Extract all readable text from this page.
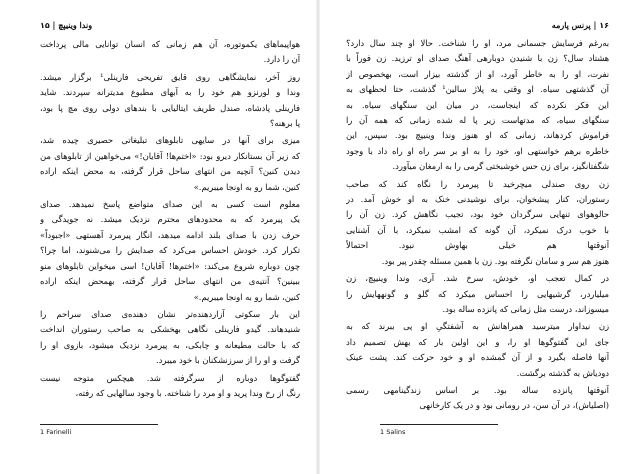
۱۶ | پرنس پارمه
بەرغم فرسایش جسمانی مرد، او را شناخت. حالا او چند سال دارد؟
هشتاد سال؟ زن با شنیدن دوبارهی آهنگ صدای او ترزید. زن فوراً با
نفرت، او را به خاطر آورد، او از گذشته بیزار است، بهخصوص از
آن گذشتهی سیاه. او وقتی به پلاژ سالین¹ گذشت، حتا لحظهای به
این فکر نکرده که اینجاست، در میان این سنگهای سیاه. به
سنگهای سیاه، که مدتهاست زیر پا له شده زمانی که همه آن را
فراموش کردهاند، زمانی که او هنوز وندا وینیپچ بود. سپس، این
خاطره برهم خواستهی او، خود را به او بر سر راه او راه داد با وجود
شگفتانگیز، برای زن حس خوشبختی گرمی را به ارمغان میآورد.
زن روی صندلی میچرخید تا پیرمرد را نگاه کند که صاحب
رستوران، کنار پیشخوان، برای نوشیدنی خنک به او خوش آمد. در
حالوهوای تنهایی سرگردان خود بود، تجیب نگاهش کرد. زن آن را
با خوب درک نمیکرد، آن گونه که امشب نمیکرد، با آن آشنایی
آنوقتها هم خیلی بهاوش نبود. احتمالاً
هنوز هم سر و سامان نگرفته بود. زن با همین مسئله چقدر پیر بود.
در کمال تعجب او، خودش، سرخ شد. آری، وندا وینیپچ، زن
میلیاردر، گرشیهایی را احساس میکرد که گلو و گونههایش را
میسوزاند، درست مثل زمانی که پانزده ساله بود.
زن نیداوار میترسید همراهانش به آشفتگیِ او پی ببرند که به
جای این گفتوگوها او را، و این اولین بار که بهش تصمیم داد
آنها فاصله بگیرد و از آن گمشده او و خود حرکت کند. پشت عینک
دودیاش به گذشته برگشت.
آنوقتها پانزده ساله بود. بر اساس زندگینامهی رسمی
(اصلیاش)، در آن سن، در رومانی بود و در یک کارخانهی
1 Salins
وندا وینیپچ | ۱۵
هواپیماهای یکموتوره، آن هم زمانی که انسان توانایی مالی پرداخت
آن را دارد.
روز آخر، نمایشگاهی روی قایق تفریحی فارینلی¹ برگزار میشد.
وندا و لورنزو هم خود را به آبهای مطبوع مدیترانه سپردند. شاید
فارینلی پادشاه، صندل طریف ایتالیایی با بندهای دولی روی مچ پا بود،
پا برهنه؟
میزی برای آنها در سایهی تابلوهای تبلیغاتی حصیری چیده شد،
که زیر آن بستانکار دیرو بود: «اختم‌ها! آقایان!» می‌خواهین از تابلوهای من
دیدن کنین؟ آنچیه من انتهای ساحل قرار گرفته، به محض اینکه اراده
کنین، شما رو به اونجا میبریم.»
معلوم است کسی به این صدای متواضع پاسخ نمیدهد. صدای
یک پیرمرد که به محدودهای محترم نزدیک میشد. نه جویدگی و
حرف زدن با صدای بلند ادامه میدهد، انگار پیرمرد آهستهی «اجبوداً»
تکرار کرد. خودش احساس می‌کرد که صدایش را می‌شنوند، اما چرا؟
چون دوباره شروع می‌کند: «اختم‌ها! آقایان! اسی میخواین تابلوهای منو
ببینین؟ آنتیه‌ی من انتهای ساحل قرار گرفته، بهمحض اینکه اراده
کنین، شما رو به اونجا میبریم.»
این بار سکوتی آزاردهنده‌تر نشان دهنده‌ی صدای سراحم را
شنیدهاند. گیدو فارینلی نگاهی بهخشکی به صاحب رستوران انداخت
که با حالت مطیعانه و چابکی، به پیرمرد نزدیک میشود، بازوی او را
گرفت و او را از سرزنشکنان با خود میبرد.
گفتوگوها دوباره از سرگرفته شد. هیچکس متوجه نیست
رنگ از رخ وندا پرید و او مرد را شناخته. با وجود سالهایی که رفته،
1 Farinelli
